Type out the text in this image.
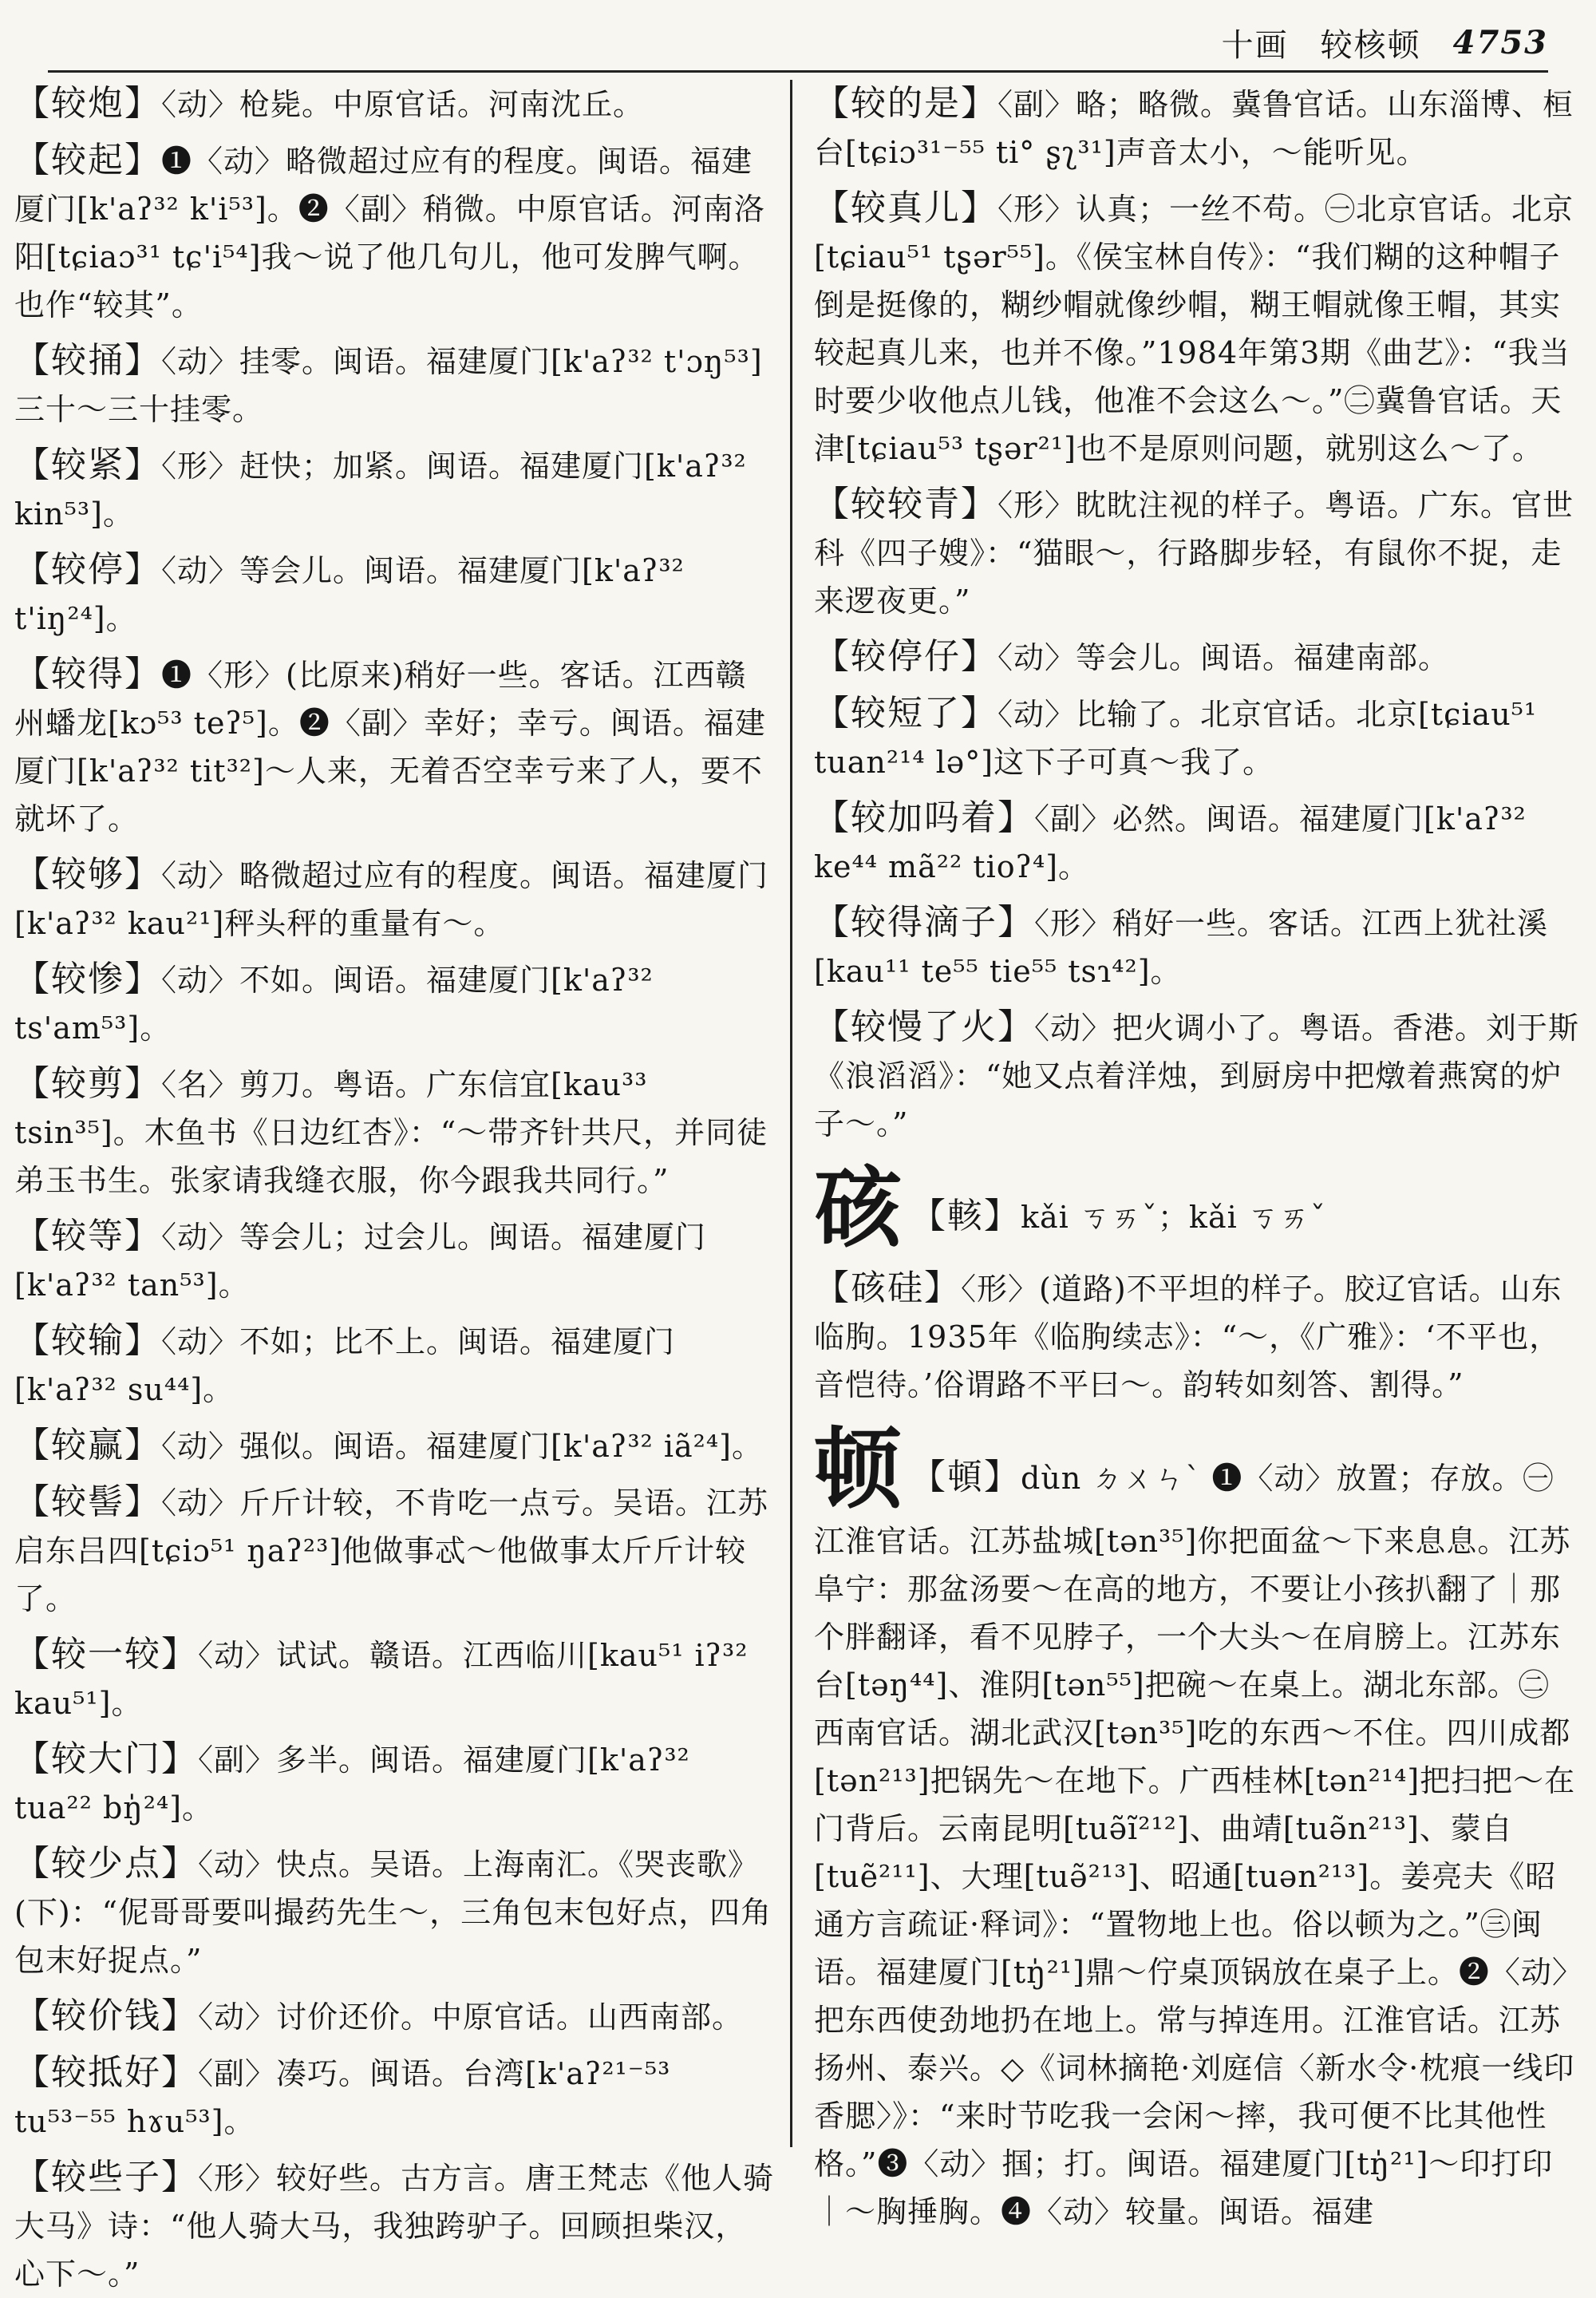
十画 较核顿 4753
【较炮】〈动〉枪毙。中原官话。河南沈丘。
【较起】❶〈动〉略微超过应有的程度。闽语。福建厦门[k'aʔ³² k'i⁵³]。❷〈副〉稍微。中原官话。河南洛阳[tɕiaɔ³¹ tɕ'i⁵⁴]我～说了他几句儿，他可发脾气啊。也作“较其”。
【较捅】〈动〉挂零。闽语。福建厦门[k'aʔ³² t'ɔŋ⁵³]三十～三十挂零。
【较紧】〈形〉赶快；加紧。闽语。福建厦门[k'aʔ³² kin⁵³]。
【较停】〈动〉等会儿。闽语。福建厦门[k'aʔ³² t'iŋ²⁴]。
【较得】❶〈形〉(比原来)稍好一些。客话。江西赣州蟠龙[kɔ⁵³ teʔ⁵]。❷〈副〉幸好；幸亏。闽语。福建厦门[k'aʔ³² tit³²]～人来，无着否空幸亏来了人，要不就坏了。
【较够】〈动〉略微超过应有的程度。闽语。福建厦门[k'aʔ³² kau²¹]秤头秤的重量有～。
【较惨】〈动〉不如。闽语。福建厦门[k'aʔ³² ts'am⁵³]。
【较剪】〈名〉剪刀。粤语。广东信宜[kau³³ tsin³⁵]。木鱼书《日边红杏》：“～带齐针共尺，并同徒弟玉书生。张家请我缝衣服，你今跟我共同行。”
【较等】〈动〉等会儿；过会儿。闽语。福建厦门[k'aʔ³² tan⁵³]。
【较输】〈动〉不如；比不上。闽语。福建厦门[k'aʔ³² su⁴⁴]。
【较赢】〈动〉强似。闽语。福建厦门[k'aʔ³² iã²⁴]。
【较髻】〈动〉斤斤计较，不肯吃一点亏。吴语。江苏启东吕四[tɕiɔ⁵¹ ŋaʔ²³]他做事忒～他做事太斤斤计较了。
【较一较】〈动〉试试。赣语。江西临川[kau⁵¹ iʔ³² kau⁵¹]。
【较大门】〈副〉多半。闽语。福建厦门[k'aʔ³² tua²² bŋ̍²⁴]。
【较少点】〈动〉快点。吴语。上海南汇。《哭丧歌》(下)：“伲哥哥要叫撮药先生～，三角包末包好点，四角包末好捉点。”
【较价钱】〈动〉讨价还价。中原官话。山西南部。
【较抵好】〈副〉凑巧。闽语。台湾[k'aʔ²¹⁻⁵³ tu⁵³⁻⁵⁵ hɤu⁵³]。
【较些子】〈形〉较好些。古方言。唐王梵志《他人骑大马》诗：“他人骑大马，我独跨驴子。回顾担柴汉，心下～。”
【较的是】〈副〉略；略微。冀鲁官话。山东淄博、桓台[tɕiɔ³¹⁻⁵⁵ ti° ʂʅ³¹]声音太小，～能听见。
【较真儿】〈形〉认真；一丝不苟。㊀北京官话。北京[tɕiau⁵¹ tʂər⁵⁵]。《侯宝林自传》：“我们糊的这种帽子倒是挺像的，糊纱帽就像纱帽，糊王帽就像王帽，其实较起真儿来，也并不像。”1984年第3期《曲艺》：“我当时要少收他点儿钱，他准不会这么～。”㊁冀鲁官话。天津[tɕiau⁵³ tʂər²¹]也不是原则问题，就别这么～了。
【较较青】〈形〉眈眈注视的样子。粤语。广东。官世科《四子嫂》：“猫眼～，行路脚步轻，有鼠你不捉，走来逻夜更。”
【较停仔】〈动〉等会儿。闽语。福建南部。
【较短了】〈动〉比输了。北京官话。北京[tɕiau⁵¹ tuan²¹⁴ lə°]这下子可真～我了。
【较加吗着】〈副〉必然。闽语。福建厦门[k'aʔ³² ke⁴⁴ mã²² tioʔ⁴]。
【较得滴子】〈形〉稍好一些。客话。江西上犹社溪[kau¹¹ te⁵⁵ tie⁵⁵ tsɿ⁴²]。
【较慢了火】〈动〉把火调小了。粤语。香港。刘于斯《浪滔滔》：“她又点着洋烛，到厨房中把燉着燕窝的炉子～。”
硋 【輆】kǎi ㄎㄞˇ；kǎi ㄎㄞˇ
【硋硅】〈形〉(道路)不平坦的样子。胶辽官话。山东临朐。1935年《临朐续志》：“～，《广雅》：‘不平也，音恺待。’俗谓路不平曰～。韵转如刻答、割得。”
顿 【頓】dùn ㄉㄨㄣˋ ❶〈动〉放置；存放。㊀江淮官话。江苏盐城[tən³⁵]你把面盆～下来息息。江苏阜宁：那盆汤要～在高的地方，不要让小孩扒翻了｜那个胖翻译，看不见脖子，一个大头～在肩膀上。江苏东台[təŋ⁴⁴]、淮阴[tən⁵⁵]把碗～在桌上。湖北东部。㊁西南官话。湖北武汉[tən³⁵]吃的东西～不住。四川成都[tən²¹³]把锅先～在地下。广西桂林[tən²¹⁴]把扫把～在门背后。云南昆明[tuə̃ĩ²¹²]、曲靖[tuə̃n²¹³]、蒙自[tuẽ²¹¹]、大理[tuə̃²¹³]、昭通[tuən²¹³]。姜亮夫《昭通方言疏证·释词》：“置物地上也。俗以顿为之。”㊂闽语。福建厦门[tŋ̍²¹]鼎～佇桌顶锅放在桌子上。❷〈动〉把东西使劲地扔在地上。常与掉连用。江淮官话。江苏扬州、泰兴。◇《词林摘艳·刘庭信〈新水令·枕痕一线印香腮〉》：“来时节吃我一会闲～摔，我可便不比其他性格。”❸〈动〉掴；打。闽语。福建厦门[tŋ̍²¹]～印打印｜～胸捶胸。❹〈动〉较量。闽语。福建
